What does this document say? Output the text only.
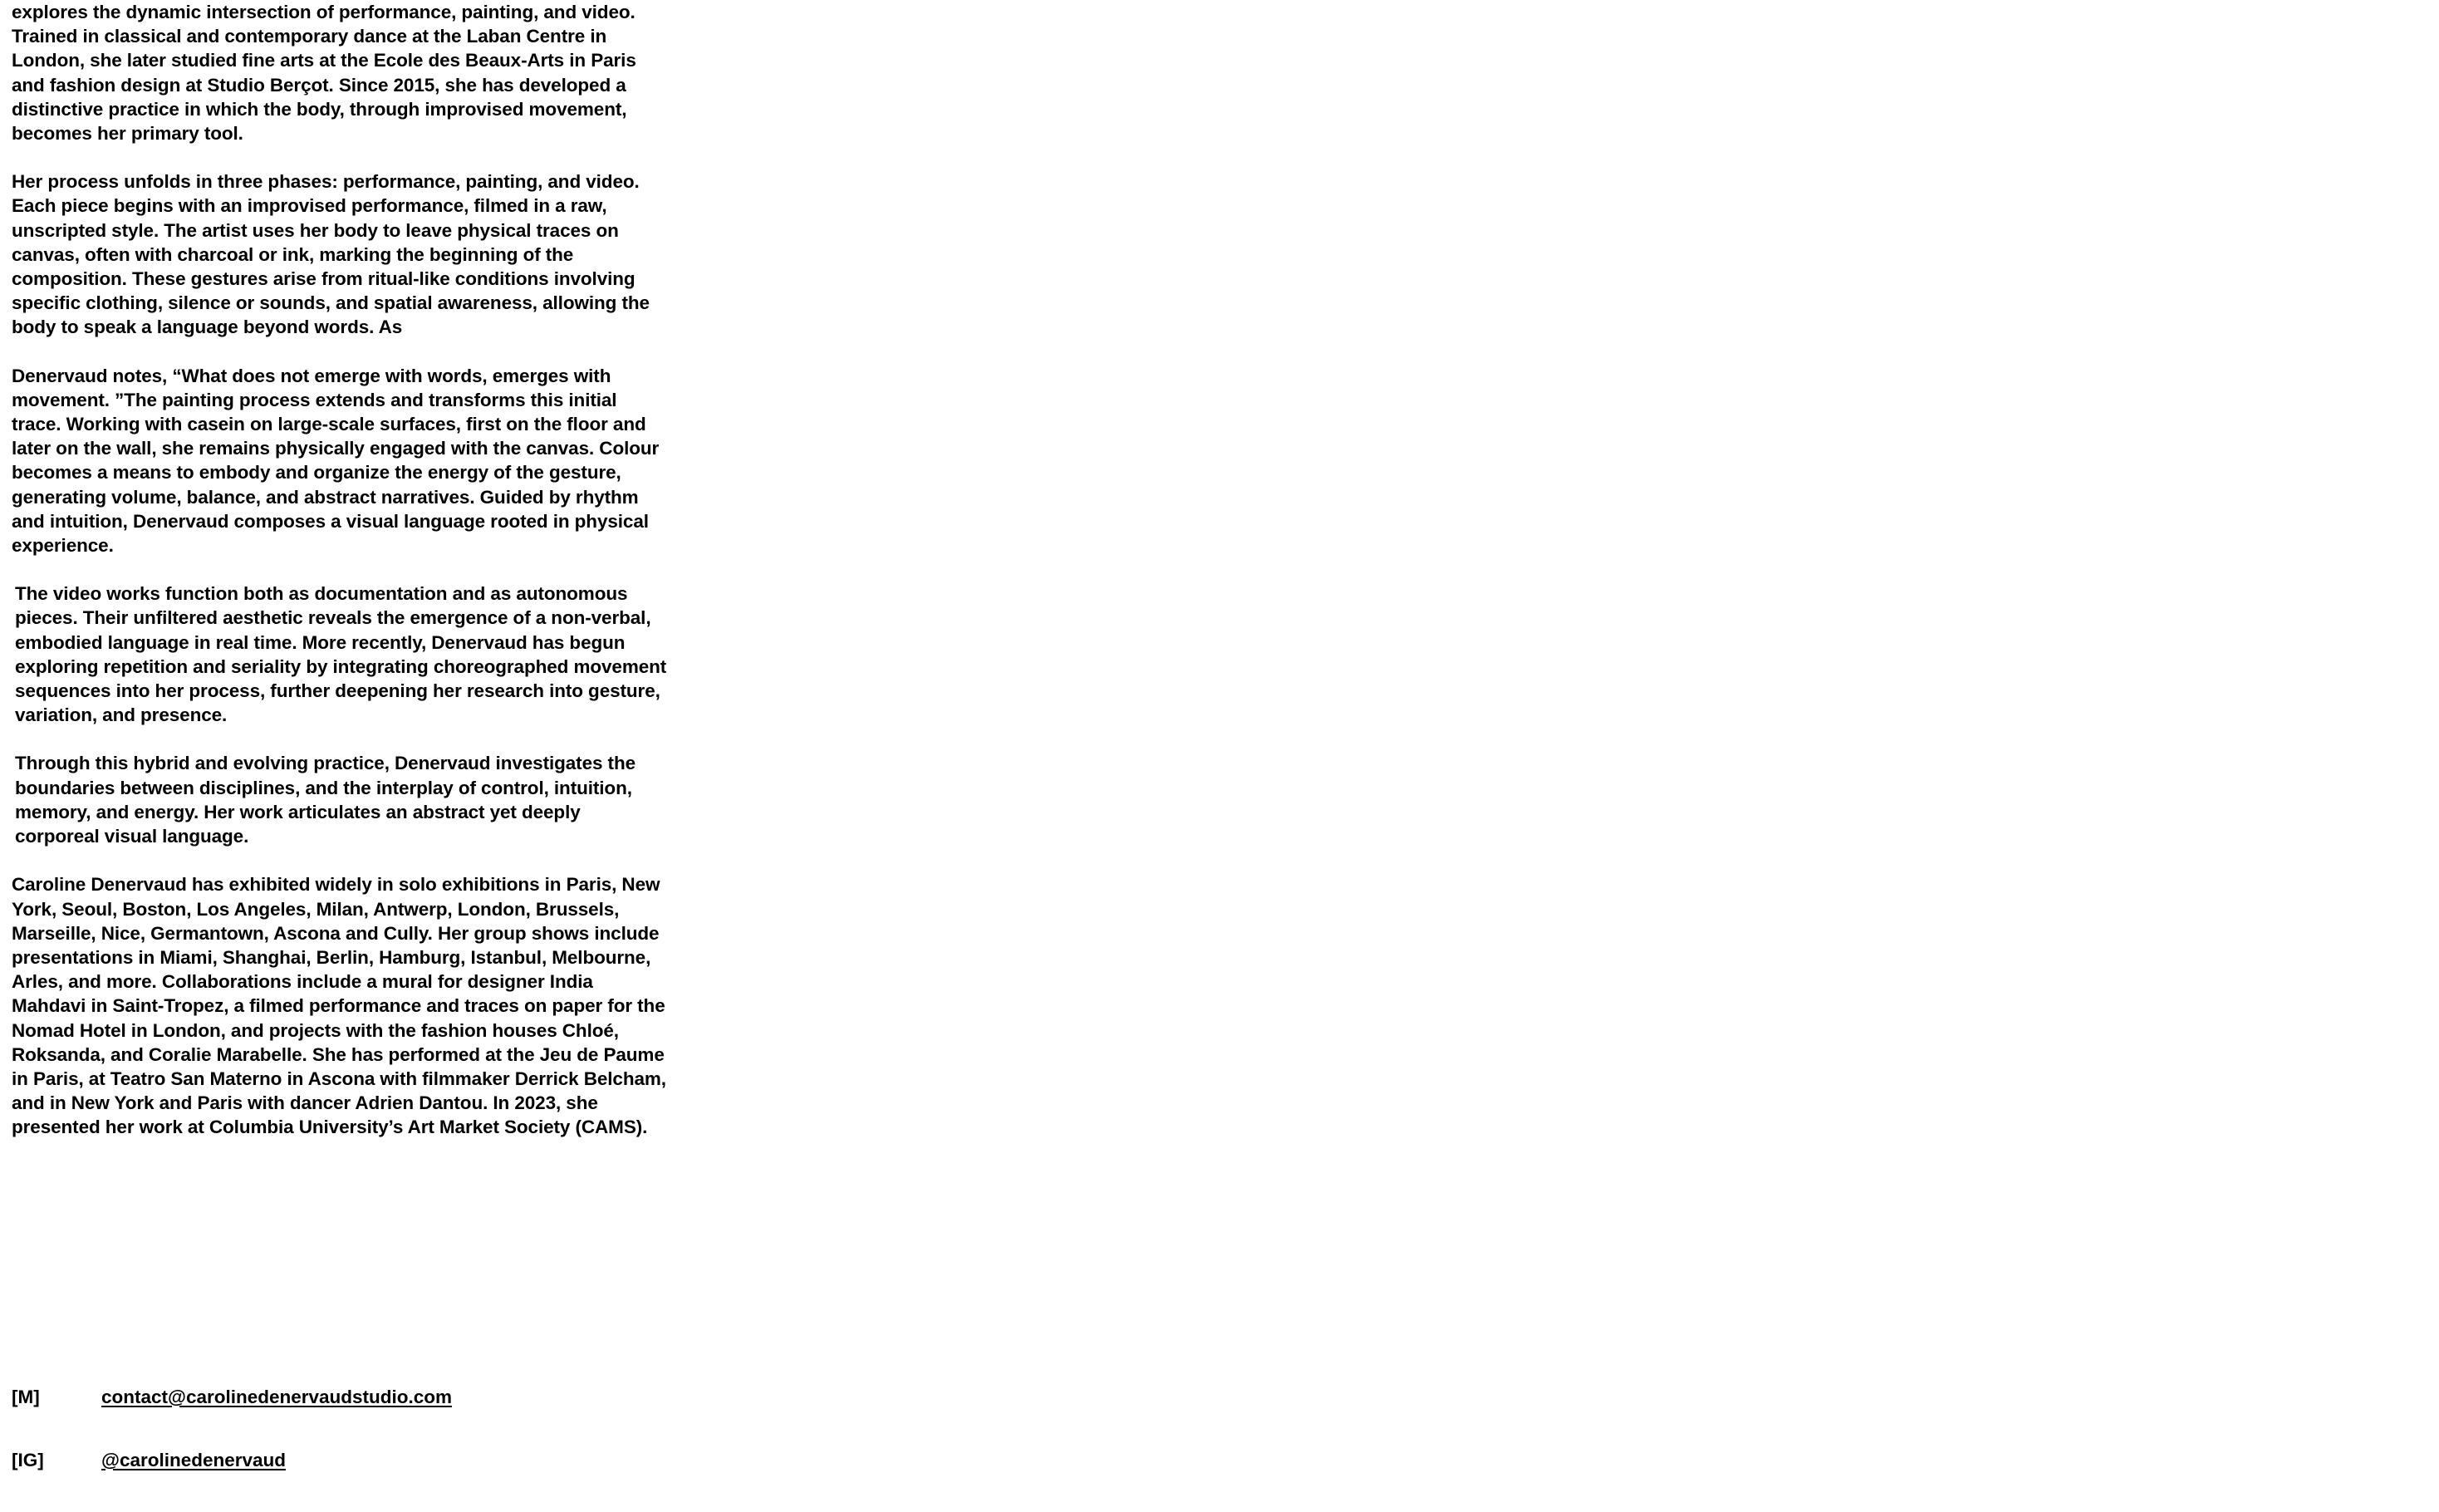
explores the dynamic intersection of performance, painting, and video. Trained in classical and contemporary dance at the Laban Centre in London, she later studied fine arts at the Ecole des Beaux-Arts in Paris and fashion design at Studio Berçot. Since 2015, she has developed a distinctive practice in which the body, through improvised movement, becomes her primary tool.

Her process unfolds in three phases: performance, painting, and video. Each piece begins with an improvised performance, filmed in a raw, unscripted style. The artist uses her body to leave physical traces on canvas, often with charcoal or ink, marking the beginning of the composition. These gestures arise from ritual-like conditions involving specific clothing, silence or sounds, and spatial awareness, allowing the body to speak a language beyond words. As

Denervaud notes, “What does not emerge with words, emerges with movement. ”The painting process extends and transforms this initial trace. Working with casein on large-scale surfaces, first on the floor and later on the wall, she remains physically engaged with the canvas. Colour becomes a means to embody and organize the energy of the gesture, generating volume, balance, and abstract narratives. Guided by rhythm and intuition, Denervaud composes a visual language rooted in physical experience.

The video works function both as documentation and as autonomous pieces. Their unfiltered aesthetic reveals the emergence of a non-verbal, embodied language in real time. More recently, Denervaud has begun exploring repetition and seriality by integrating choreographed movement sequences into her process, further deepening her research into gesture, variation, and presence.

Through this hybrid and evolving practice, Denervaud investigates the boundaries between disciplines, and the interplay of control, intuition, memory, and energy. Her work articulates an abstract yet deeply corporeal visual language.

Caroline Denervaud has exhibited widely in solo exhibitions in Paris, New York, Seoul, Boston, Los Angeles, Milan, Antwerp, London, Brussels, Marseille, Nice, Germantown, Ascona and Cully. Her group shows include presentations in Miami, Shanghai, Berlin, Hamburg, Istanbul, Melbourne, Arles, and more. Collaborations include a mural for designer India Mahdavi in Saint-Tropez, a filmed performance and traces on paper for the Nomad Hotel in London, and projects with the fashion houses Chloé, Roksanda, and Coralie Marabelle. She has performed at the Jeu de Paume in Paris, at Teatro San Materno in Ascona with filmmaker Derrick Belcham, and in New York and Paris with dancer Adrien Dantou. In 2023, she presented her work at Columbia University’s Art Market Society (CAMS).

[M]	contact@carolinedenervaudstudio.com
[IG]	@carolinedenervaud
